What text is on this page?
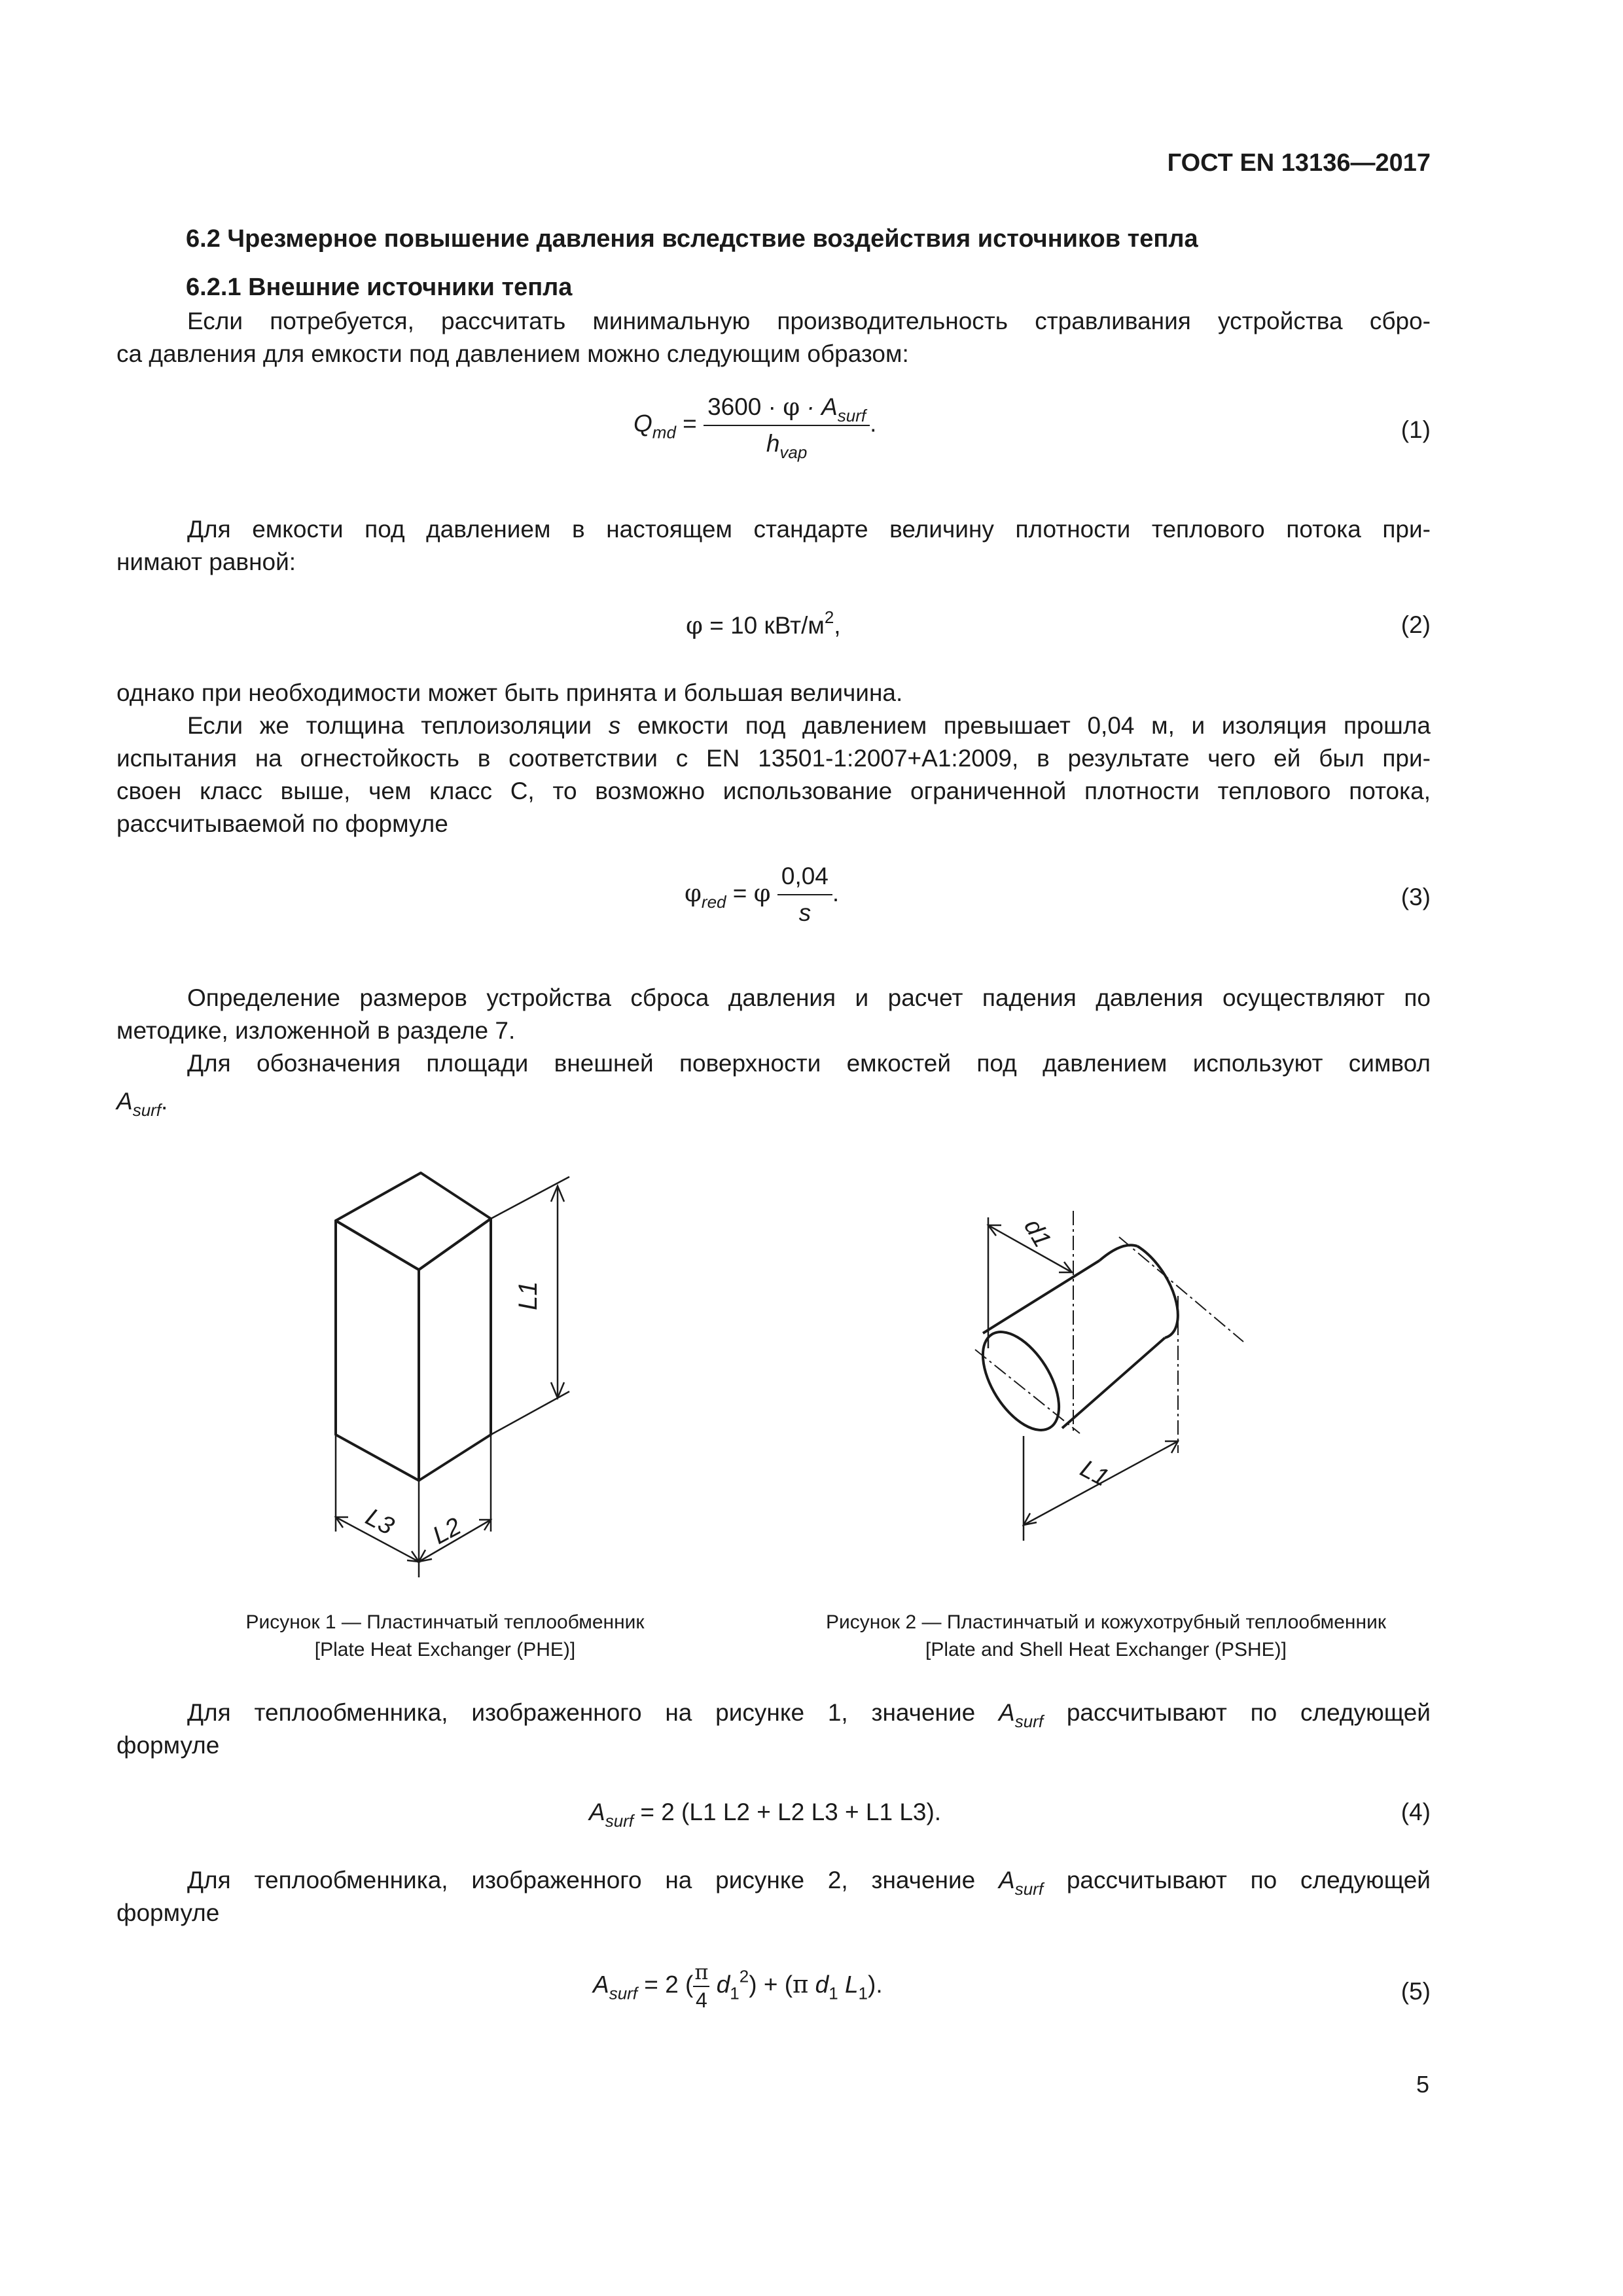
ГОСТ EN 13136—2017
6.2 Чрезмерное повышение давления вследствие воздействия источников тепла
6.2.1 Внешние источники тепла
Если потребуется, рассчитать минимальную производительность стравливания устройства сбро-
са давления для емкости под давлением можно следующим образом:
$Q_{md} = \frac{3600 \cdot \varphi \cdot A_{surf}}{h_{vap}}$ .	(1)
Для емкости под давлением в настоящем стандарте величину плотности теплового потока при-
нимают равной:
φ = 10 кВт/$м^2$,	(2)
однако при необходимости может быть принята и большая величина.
Если же толщина теплоизоляции s емкости под давлением превышает 0,04 м, и изоляция прошла
испытания на огнестойкость в соответствии с EN 13501-1:2007+A1:2009, в результате чего ей был при-
своен класс выше, чем класс С, то возможно использование ограниченной плотности теплового потока,
рассчитываемой по формуле
$\varphi_{red} = \varphi \frac{0,04}{s}$ .	(3)
Определение размеров устройства сброса давления и расчет падения давления осуществляют по
методике, изложенной в разделе 7.
Для обозначения площади внешней поверхности емкостей под давлением используют символ
$A_{surf}$.
L1
L3 L2
d1
L1
Рисунок 1 — Пластинчатый теплообменник
[Plate Heat Exchanger (PHE)]
Рисунок 2 — Пластинчатый и кожухотрубный теплообменник
[Plate and Shell Heat Exchanger (PSHE)]
Для теплообменника, изображенного на рисунке 1, значение $A_{surf}$ рассчитывают по следующей
формуле
$A_{surf} = 2$ (L1 L2 + L2 L3 + L1 L3).	(4)
Для теплообменника, изображенного на рисунке 2, значение $A_{surf}$ рассчитывают по следующей
формуле
$A_{surf} = 2$ ( $\frac{\pi}{4} d_1^2) + (\pi$ $d_1$ $L_1$).	(5)
5
